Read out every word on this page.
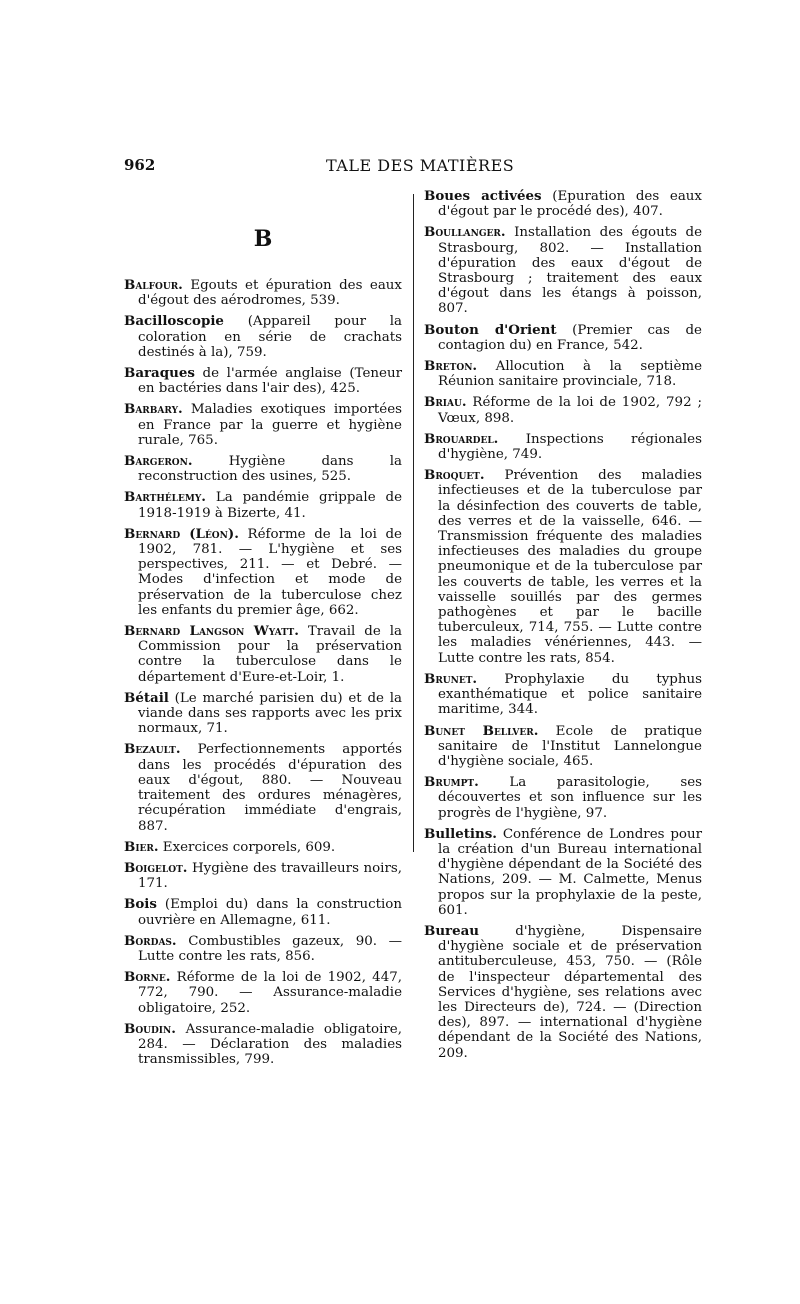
962	TALE DES MATIÈRES
B
Balfour. Egouts et épuration des eaux d'égout des aérodromes, 539.
Bacilloscopie (Appareil pour la coloration en série de crachats destinés à la), 759.
Baraques de l'armée anglaise (Teneur en bactéries dans l'air des), 425.
Barbary. Maladies exotiques importées en France par la guerre et hygiène rurale, 765.
Bargeron.	Hygiène dans la reconstruction des usines, 525.
Barthélemy. La pandémie grippale de 1918-1919 à Bizerte, 41.
Bernard (Léon). Réforme de la loi de 1902, 781. — L'hygiène et ses perspectives, 211. — et Debré. — Modes d'infection et mode de préservation de la tuberculose chez les enfants du premier âge, 662.
Bernard Langson Wyatt. Travail de la Commission pour la préservation contre la tuberculose dans le département d'Eure-et-Loir, 1.
Bétail (Le marché parisien du) et de la viande dans ses rapports avec les prix normaux, 71.
Bezault. Perfectionnements apportés dans les procédés d'épuration des eaux d'égout, 880. — Nouveau traitement des ordures ménagères, récupération immédiate d'engrais, 887.
Bier. Exercices corporels, 609.
Boigelot. Hygiène des travailleurs noirs, 171.
Bois (Emploi du) dans la construction ouvrière en Allemagne, 611.
Bordas. Combustibles gazeux, 90. — Lutte contre les rats, 856.
Borne. Réforme de la loi de 1902, 447, 772, 790. — Assurance-maladie obligatoire, 252.
Boudin. Assurance-maladie obligatoire, 284. — Déclaration des maladies transmissibles, 799.
Boues activées (Epuration des eaux d'égout par le procédé des), 407.
Boullanger. Installation des égouts de Strasbourg, 802. — Installation d'épuration des eaux d'égout de Strasbourg ; traitement des eaux d'égout dans les étangs à poisson, 807.
Bouton d'Orient (Premier cas de contagion du) en France, 542.
Breton. Allocution à la septième Réunion sanitaire provinciale, 718.
Briau. Réforme de la loi de 1902, 792 ; Vœux, 898.
Brouardel. Inspections régionales d'hygiène, 749.
Broquet. Prévention des maladies infectieuses et de la tuberculose par la désinfection des couverts de table, des verres et de la vaisselle, 646. — Transmission fréquente des maladies infectieuses des maladies du groupe pneumonique et de la tuberculose par les couverts de table, les verres et la vaisselle souillés par des germes pathogènes et par le bacille tuberculeux, 714, 755. — Lutte contre les maladies vénériennes, 443. — Lutte contre les rats, 854.
Brunet. Prophylaxie du typhus exanthématique et police sanitaire maritime, 344.
Bunet Bellver. Ecole de pratique sanitaire de l'Institut Lannelongue d'hygiène sociale, 465.
Brumpt. La parasitologie, ses découvertes et son influence sur les progrès de l'hygiène, 97.
Bulletins. Conférence de Londres pour la création d'un Bureau international d'hygiène dépendant de la Société des Nations, 209. — M. Calmette, Menus propos sur la prophylaxie de la peste, 601.
Bureau	d'hygiène, Dispensaire d'hygiène sociale et de préservation antituberculeuse, 453, 750. — (Rôle de l'inspecteur départemental des Services d'hygiène, ses relations avec les Directeurs de), 724. — (Direction des), 897. — international d'hygiène dépendant de la Société des Nations, 209.
